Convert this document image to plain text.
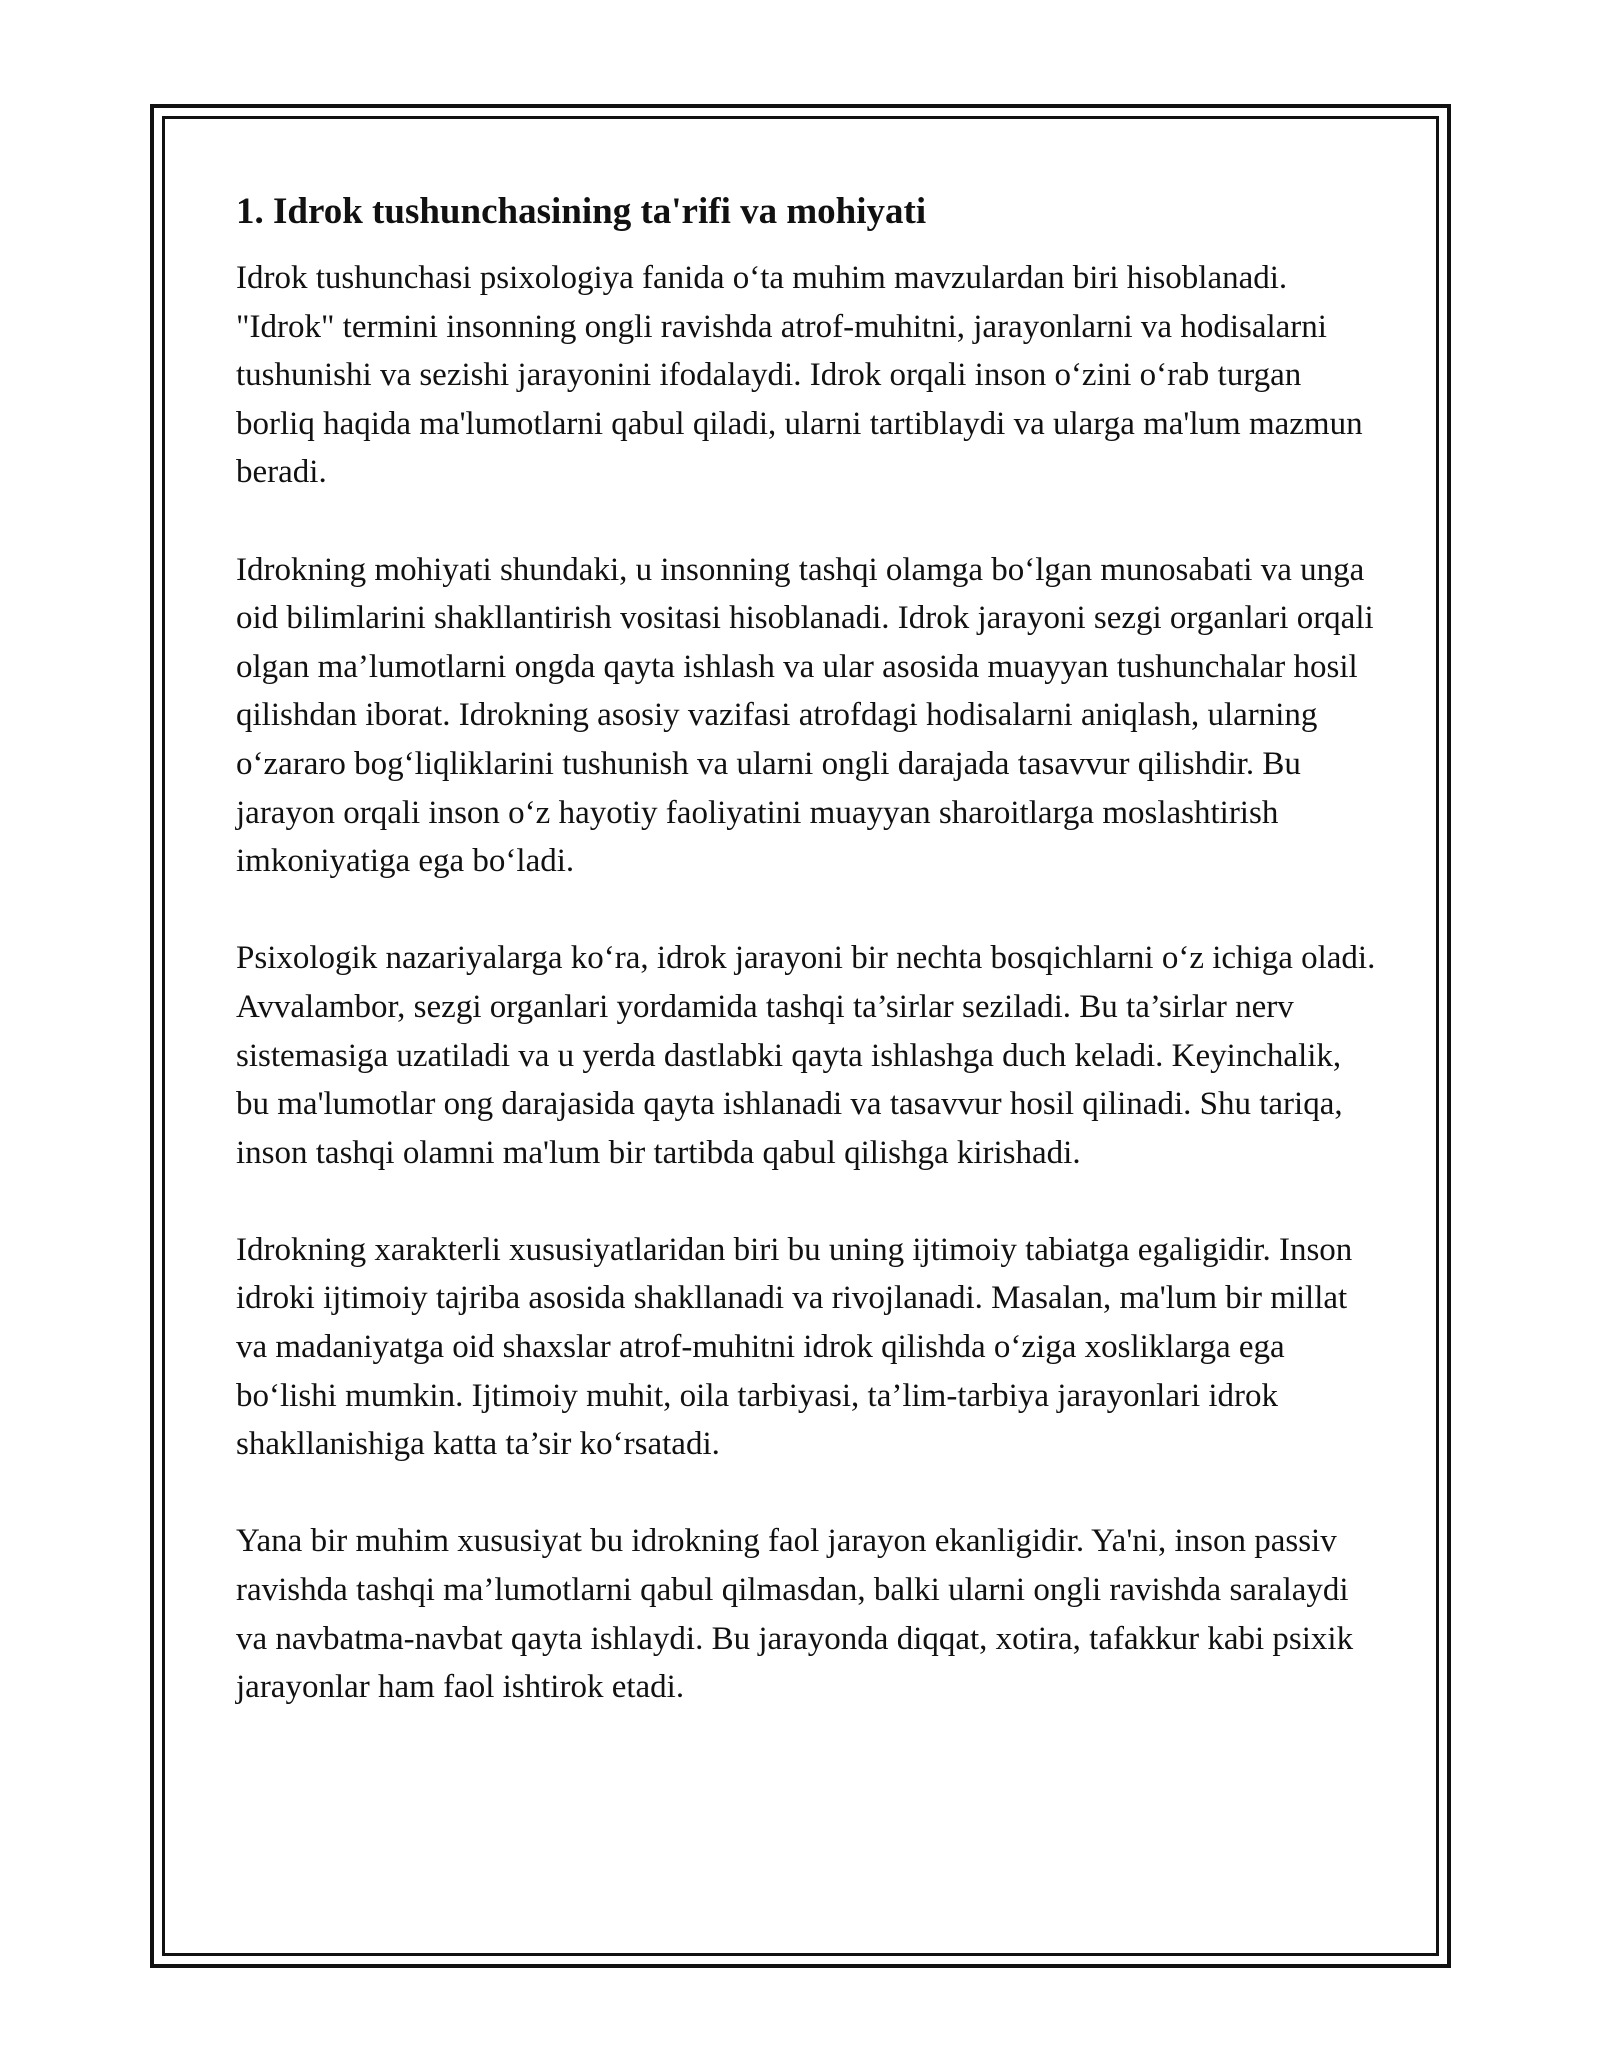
1. Idrok tushunchasining ta'rifi va mohiyati

Idrok tushunchasi psixologiya fanida o‘ta muhim mavzulardan biri hisoblanadi. "Idrok" termini insonning ongli ravishda atrof-muhitni, jarayonlarni va hodisalarni tushunishi va sezishi jarayonini ifodalaydi. Idrok orqali inson o‘zini o‘rab turgan borliq haqida ma'lumotlarni qabul qiladi, ularni tartiblaydi va ularga ma'lum mazmun beradi.

Idrokning mohiyati shundaki, u insonning tashqi olamga bo‘lgan munosabati va unga oid bilimlarini shakllantirish vositasi hisoblanadi. Idrok jarayoni sezgi organlari orqali olgan ma’lumotlarni ongda qayta ishlash va ular asosida muayyan tushunchalar hosil qilishdan iborat. Idrokning asosiy vazifasi atrofdagi hodisalarni aniqlash, ularning o‘zararo bog‘liqliklarini tushunish va ularni ongli darajada tasavvur qilishdir. Bu jarayon orqali inson o‘z hayotiy faoliyatini muayyan sharoitlarga moslashtirish imkoniyatiga ega bo‘ladi.

Psixologik nazariyalarga ko‘ra, idrok jarayoni bir nechta bosqichlarni o‘z ichiga oladi. Avvalambor, sezgi organlari yordamida tashqi ta’sirlar seziladi. Bu ta’sirlar nerv sistemasiga uzatiladi va u yerda dastlabki qayta ishlashga duch keladi. Keyinchalik, bu ma'lumotlar ong darajasida qayta ishlanadi va tasavvur hosil qilinadi. Shu tariqa, inson tashqi olamni ma'lum bir tartibda qabul qilishga kirishadi.

Idrokning xarakterli xususiyatlaridan biri bu uning ijtimoiy tabiatga egaligidir. Inson idroki ijtimoiy tajriba asosida shakllanadi va rivojlanadi. Masalan, ma'lum bir millat va madaniyatga oid shaxslar atrof-muhitni idrok qilishda o‘ziga xosliklarga ega bo‘lishi mumkin. Ijtimoiy muhit, oila tarbiyasi, ta’lim-tarbiya jarayonlari idrok shakllanishiga katta ta’sir ko‘rsatadi.

Yana bir muhim xususiyat bu idrokning faol jarayon ekanligidir. Ya'ni, inson passiv ravishda tashqi ma’lumotlarni qabul qilmasdan, balki ularni ongli ravishda saralaydi va navbatma-navbat qayta ishlaydi. Bu jarayonda diqqat, xotira, tafakkur kabi psixik jarayonlar ham faol ishtirok etadi.
